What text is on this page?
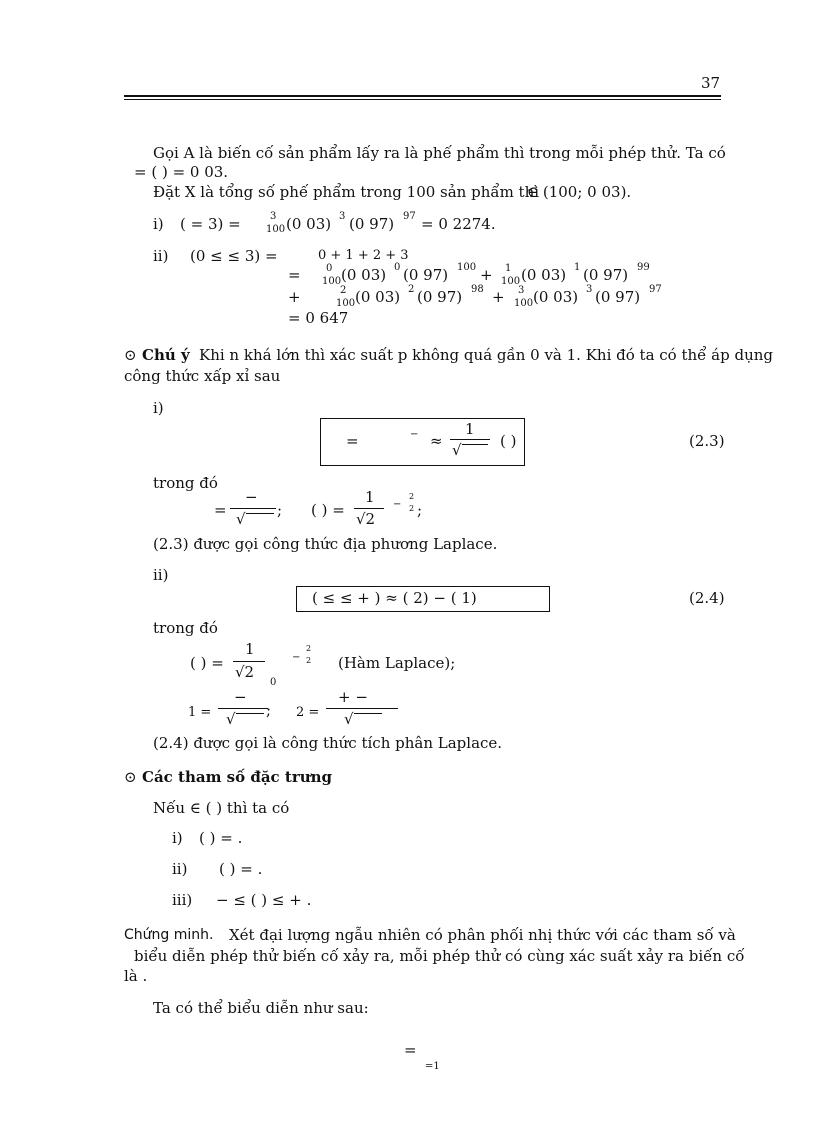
37
Gọi A là biến cố sản phẩm lấy ra là phế phẩm thì trong mỗi phép thử. Ta có
= ( ) = 0 03.
Đặt X là tổng số phế phẩm trong 100 sản phẩm thì
∈ (100; 0 03).
i) ( = 3) =	3
100 (0 03) 3 (0 97) 97 = 0 2274.
ii) (0 ≤ ≤ 3) =	0 + 1 + 2 + 3
=	0
100 (0 03) 0 (0 97) 100 + 1
100 (0 03) 1 (0 97) 99
+	2
100 (0 03) 2 (0 97) 98 + 3
100 (0 03) 3 (0 97) 97
= 0 647
⊙ Chú ý Khi n khá lớn thì xác suất p không quá gần 0 và 1. Khi đó ta có thể áp dụng
công thức xấp xỉ sau
i)
=	− ≈
1
√	( )	(2.3)
trong đó
=
−
√ ; ( ) =
1
√2
−
2
2 ;
(2.3) được gọi công thức địa phương Laplace.
ii)
( ≤ ≤ + ) ≈ ( 2) − ( 1)	(2.4)
trong đó
( ) =
1
√2
0
−
2
2 (Hàm Laplace);
1 =
−
√ ; 2 =
+ −
√
(2.4) được gọi là công thức tích phân Laplace.
⊙ Các tham số đặc trưng
Nếu ∈ ( ) thì ta có
i) ( ) = .
ii) ( ) = .
iii) − ≤ ( ) ≤ + .
Chứng minh. Xét đại lượng ngẫu nhiên có phân phối nhị thức với các tham số và
biểu diễn phép thử biến cố xảy ra, mỗi phép thử có cùng xác suất xảy ra biến cố
là .
Ta có thể biểu diễn như sau:
=
=1
